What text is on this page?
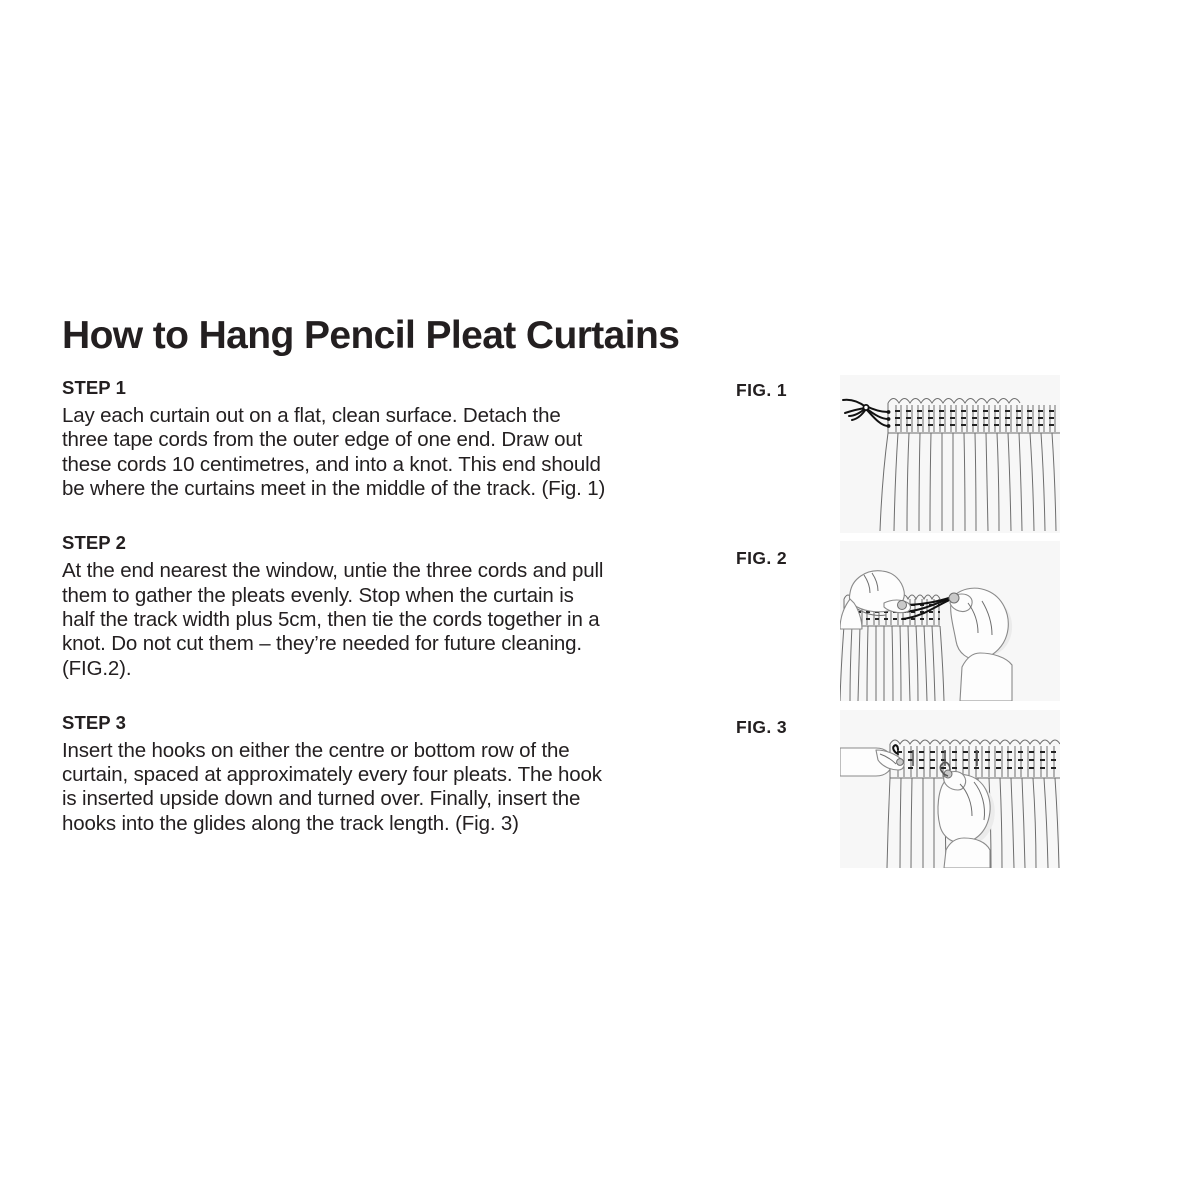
How to Hang Pencil Pleat Curtains
STEP 1
Lay each curtain out on a flat, clean surface. Detach the three tape cords from the outer edge of one end. Draw out these cords 10 centimetres, and into a knot. This end should be where the curtains meet in the middle of the track. (Fig. 1)
STEP 2
At the end nearest the window, untie the three cords and pull them to gather the pleats evenly. Stop when the curtain is half the track width plus 5cm, then tie the cords together in a knot. Do not cut them – they’re needed for future cleaning. (FIG.2).
STEP 3
Insert the hooks on either the centre or bottom row of the curtain, spaced at approximately every four pleats. The hook is inserted upside down and turned over. Finally, insert the hooks into the glides along the track length. (Fig. 3)
FIG. 1
FIG. 2
FIG. 3
